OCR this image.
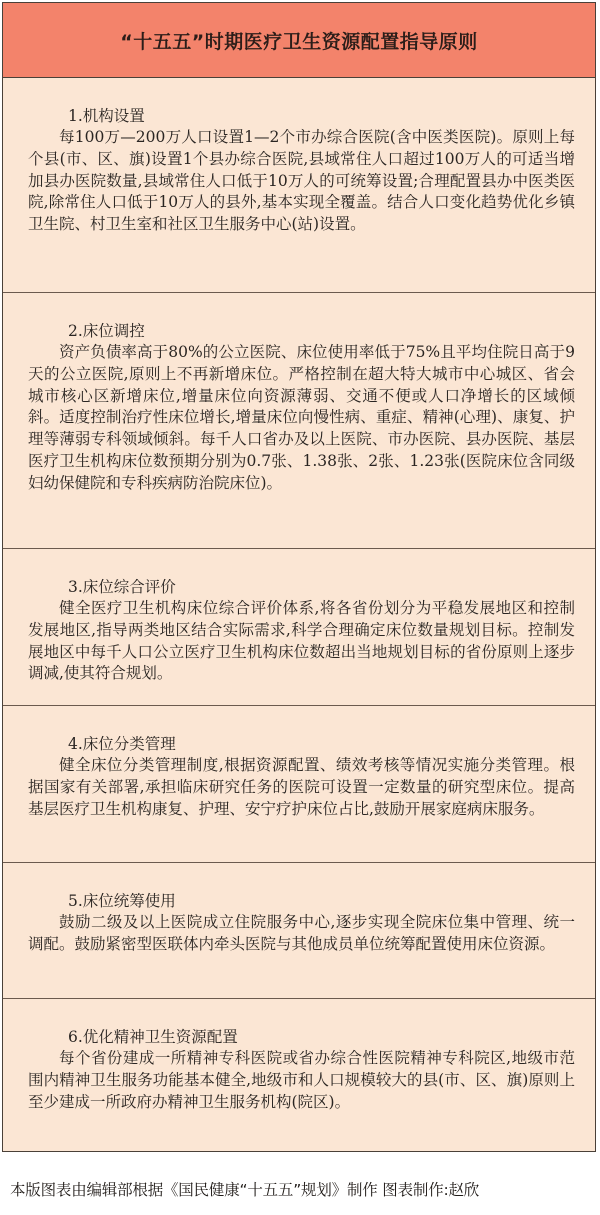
“十五五”时期医疗卫生资源配置指导原则

1.机构设置

每100万—200万人口设置1—2个市办综合医院(含中医类医院)。原则上每个县(市、区、旗)设置1个县办综合医院,县域常住人口超过100万人的可适当增加县办医院数量,县域常住人口低于10万人的可统筹设置;合理配置县办中医类医院,除常住人口低于10万人的县外,基本实现全覆盖。结合人口变化趋势优化乡镇卫生院、村卫生室和社区卫生服务中心(站)设置。

2.床位调控

资产负债率高于80%的公立医院、床位使用率低于75%且平均住院日高于9天的公立医院,原则上不再新增床位。严格控制在超大特大城市中心城区、省会城市核心区新增床位,增量床位向资源薄弱、交通不便或人口净增长的区域倾斜。适度控制治疗性床位增长,增量床位向慢性病、重症、精神(心理)、康复、护理等薄弱专科领域倾斜。每千人口省办及以上医院、市办医院、县办医院、基层医疗卫生机构床位数预期分别为0.7张、1.38张、2张、1.23张(医院床位含同级妇幼保健院和专科疾病防治院床位)。

3.床位综合评价

健全医疗卫生机构床位综合评价体系,将各省份划分为平稳发展地区和控制发展地区,指导两类地区结合实际需求,科学合理确定床位数量规划目标。控制发展地区中每千人口公立医疗卫生机构床位数超出当地规划目标的省份原则上逐步调减,使其符合规划。

4.床位分类管理

健全床位分类管理制度,根据资源配置、绩效考核等情况实施分类管理。根据国家有关部署,承担临床研究任务的医院可设置一定数量的研究型床位。提高基层医疗卫生机构康复、护理、安宁疗护床位占比,鼓励开展家庭病床服务。

5.床位统筹使用

鼓励二级及以上医院成立住院服务中心,逐步实现全院床位集中管理、统一调配。鼓励紧密型医联体内牵头医院与其他成员单位统筹配置使用床位资源。

6.优化精神卫生资源配置

每个省份建成一所精神专科医院或省办综合性医院精神专科院区,地级市范围内精神卫生服务功能基本健全,地级市和人口规模较大的县(市、区、旗)原则上至少建成一所政府办精神卫生服务机构(院区)。

本版图表由编辑部根据《国民健康“十五五”规划》制作 图表制作:赵欣
